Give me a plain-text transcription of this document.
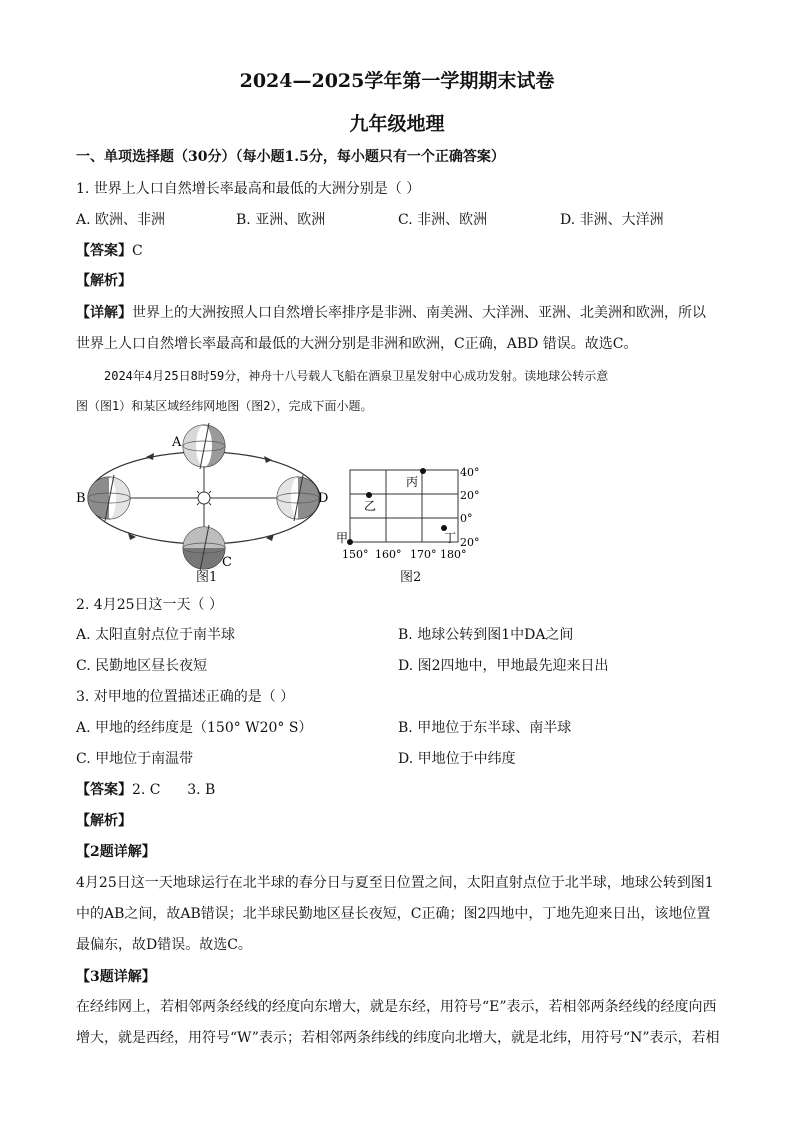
2024—2025学年第一学期期末试卷
九年级地理
一、单项选择题（30分）（每小题1.5分，每小题只有一个正确答案）
1. 世界上人口自然增长率最高和最低的大洲分别是（ ）
A. 欧洲、非洲	B. 亚洲、欧洲	C. 非洲、欧洲	D. 非洲、大洋洲
【答案】C
【解析】
【详解】世界上的大洲按照人口自然增长率排序是非洲、南美洲、大洋洲、亚洲、北美洲和欧洲，所以
世界上人口自然增长率最高和最低的大洲分别是非洲和欧洲，C正确，ABD 错误。故选C。
2024年4月25日8时59分，神舟十八号载人飞船在酒泉卫星发射中心成功发射。读地球公转示意
图（图1）和某区域经纬网地图（图2），完成下面小题。
A
B
C
D
图1
丙
乙
甲	丁
40°
20°
0°
20°
150° 160° 170° 180°
图2
2. 4月25日这一天（ ）
A. 太阳直射点位于南半球	B. 地球公转到图1中DA之间
C. 民勤地区昼长夜短	D. 图2四地中，甲地最先迎来日出
3. 对甲地的位置描述正确的是（ ）
A. 甲地的经纬度是（150° W20° S）	B. 甲地位于东半球、南半球
C. 甲地位于南温带	D. 甲地位于中纬度
【答案】2. C      3. B
【解析】
【2题详解】
4月25日这一天地球运行在北半球的春分日与夏至日位置之间，太阳直射点位于北半球，地球公转到图1中的AB之间，故AB错误；北半球民勤地区昼长夜短，C正确；图2四地中，丁地先迎来日出，该地位置最偏东，故D错误。故选C。
【3题详解】
在经纬网上，若相邻两条经线的经度向东增大，就是东经，用符号“E”表示，若相邻两条经线的经度向西增大，就是西经，用符号“W”表示；若相邻两条纬线的纬度向北增大，就是北纬，用符号“N”表示，若相
